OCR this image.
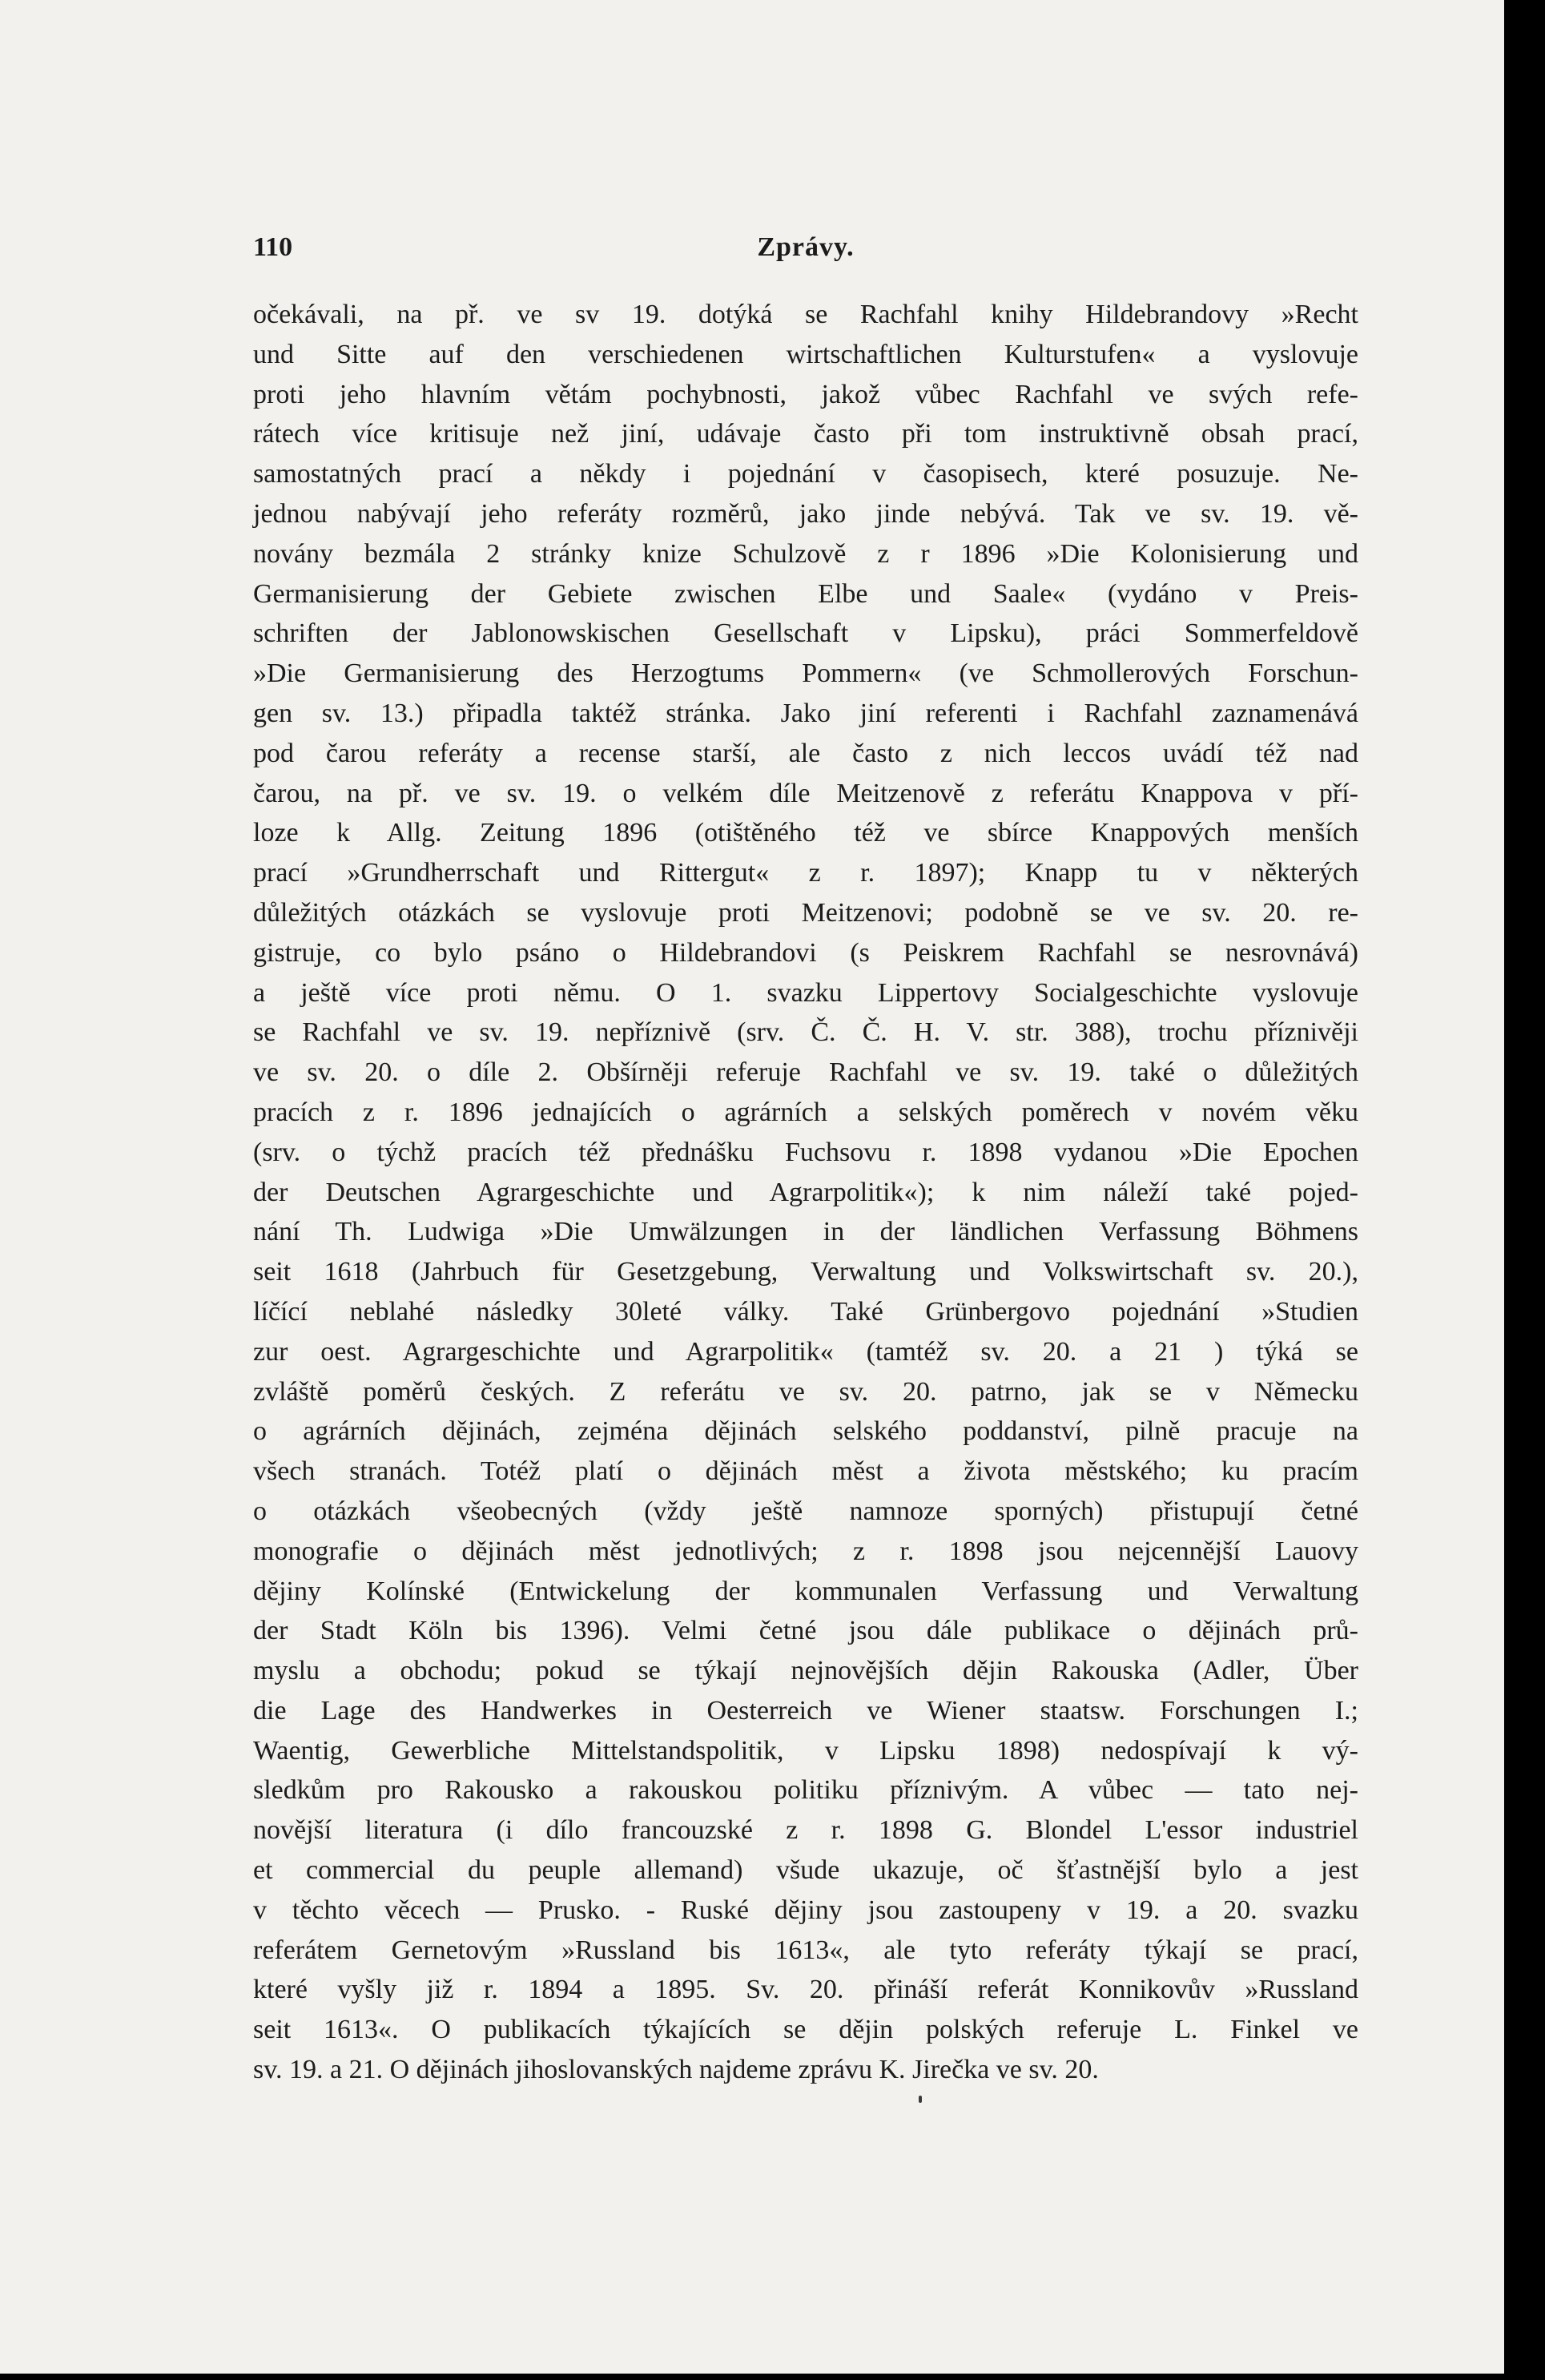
110	Zprávy.
očekávali, na př. ve sv 19. dotýká se Rachfahl knihy Hildebrandovy »Recht
und Sitte auf den verschiedenen wirtschaftlichen Kulturstufen« a vyslovuje
proti jeho hlavním větám pochybnosti, jakož vůbec Rachfahl ve svých refe-
rátech více kritisuje než jiní, udávaje často při tom instruktivně obsah prací,
samostatných prací a někdy i pojednání v časopisech, které posuzuje. Ne-
jednou nabývají jeho referáty rozměrů, jako jinde nebývá. Tak ve sv. 19. vě-
novány bezmála 2 stránky knize Schulzově z r 1896 »Die Kolonisierung und
Germanisierung der Gebiete zwischen Elbe und Saale« (vydáno v Preis-
schriften der Jablonowskischen Gesellschaft v Lipsku), práci Sommerfeldově
»Die Germanisierung des Herzogtums Pommern« (ve Schmollerových Forschun-
gen sv. 13.) připadla taktéž stránka. Jako jiní referenti i Rachfahl zaznamenává
pod čarou referáty a recense starší, ale často z nich leccos uvádí též nad
čarou, na př. ve sv. 19. o velkém díle Meitzenově z referátu Knappova v pří-
loze k Allg. Zeitung 1896 (otištěného též ve sbírce Knappových menších
prací »Grundherrschaft und Rittergut« z r. 1897); Knapp tu v některých
důležitých otázkách se vyslovuje proti Meitzenovi; podobně se ve sv. 20. re-
gistruje, co bylo psáno o Hildebrandovi (s Peiskrem Rachfahl se nesrovnává)
a ještě více proti němu. O 1. svazku Lippertovy Socialgeschichte vyslovuje
se Rachfahl ve sv. 19. nepříznivě (srv. Č. Č. H. V. str. 388), trochu příznivěji
ve sv. 20. o díle 2. Obšírněji referuje Rachfahl ve sv. 19. také o důležitých
pracích z r. 1896 jednajících o agrárních a selských poměrech v novém věku
(srv. o týchž pracích též přednášku Fuchsovu r. 1898 vydanou »Die Epochen
der Deutschen Agrargeschichte und Agrarpolitik«); k nim náleží také pojed-
nání Th. Ludwiga »Die Umwälzungen in der ländlichen Verfassung Böhmens
seit 1618 (Jahrbuch für Gesetzgebung, Verwaltung und Volkswirtschaft sv. 20.),
líčící neblahé následky 30leté války. Také Grünbergovo pojednání »Studien
zur oest. Agrargeschichte und Agrarpolitik« (tamtéž sv. 20. a 21 ) týká se
zvláště poměrů českých. Z referátu ve sv. 20. patrno, jak se v Německu
o agrárních dějinách, zejména dějinách selského poddanství, pilně pracuje na
všech stranách. Totéž platí o dějinách měst a života městského; ku pracím
o otázkách všeobecných (vždy ještě namnoze sporných) přistupují četné
monografie o dějinách měst jednotlivých; z r. 1898 jsou nejcennější Lauovy
dějiny Kolínské (Entwickelung der kommunalen Verfassung und Verwaltung
der Stadt Köln bis 1396). Velmi četné jsou dále publikace o dějinách prů-
myslu a obchodu; pokud se týkají nejnovějších dějin Rakouska (Adler, Über
die Lage des Handwerkes in Oesterreich ve Wiener staatsw. Forschungen I.;
Waentig, Gewerbliche Mittelstandspolitik, v Lipsku 1898) nedospívají k vý-
sledkům pro Rakousko a rakouskou politiku příznivým. A vůbec — tato nej-
novější literatura (i dílo francouzské z r. 1898 G. Blondel L'essor industriel
et commercial du peuple allemand) všude ukazuje, oč šťastnější bylo a jest
v těchto věcech — Prusko. - Ruské dějiny jsou zastoupeny v 19. a 20. svazku
referátem Gernetovým »Russland bis 1613«, ale tyto referáty týkají se prací,
které vyšly již r. 1894 a 1895. Sv. 20. přináší referát Konnikovův »Russland
seit 1613«. O publikacích týkajících se dějin polských referuje L. Finkel ve
sv. 19. a 21. O dějinách jihoslovanských najdeme zprávu K. Jirečka ve sv. 20.
